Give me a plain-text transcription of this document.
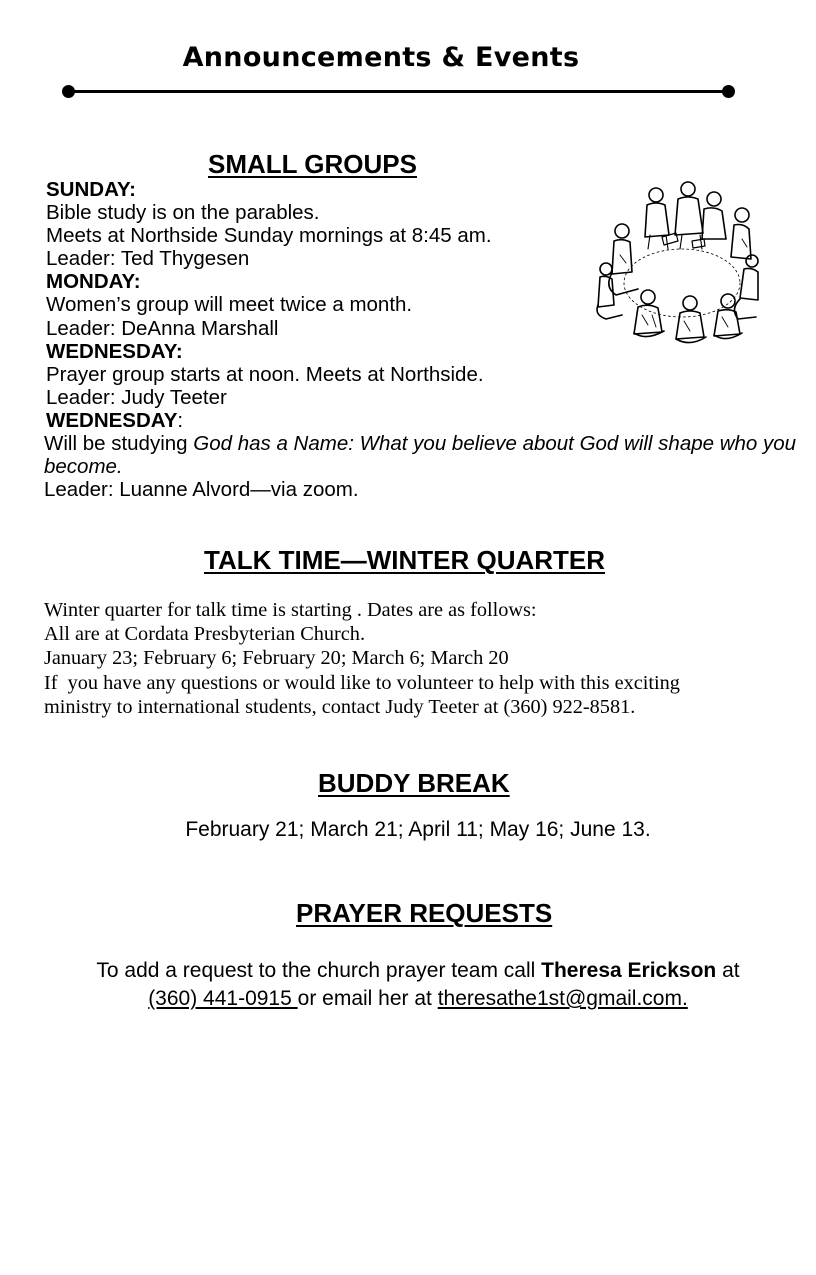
Announcements & Events
SMALL GROUPS
SUNDAY:
Bible study is on the parables.
Meets at Northside Sunday mornings at 8:45 am.
Leader: Ted Thygesen
MONDAY:
Women’s group will meet twice a month.
Leader: DeAnna Marshall
WEDNESDAY:
Prayer group starts at noon. Meets at Northside.
Leader: Judy Teeter
WEDNESDAY:
Will be studying God has a Name: What you believe about God will shape who you become.
Leader: Luanne Alvord—via zoom.
TALK TIME—WINTER QUARTER
Winter quarter for talk time is starting . Dates are as follows:
All are at Cordata Presbyterian Church.
January 23; February 6; February 20; March 6; March 20
If  you have any questions or would like to volunteer to help with this exciting
ministry to international students, contact Judy Teeter at (360) 922-8581.
BUDDY BREAK
February 21; March 21; April 11; May 16; June 13.
PRAYER REQUESTS
To add a request to the church prayer team call Theresa Erickson at
(360) 441-0915 or email her at theresathe1st@gmail.com.
